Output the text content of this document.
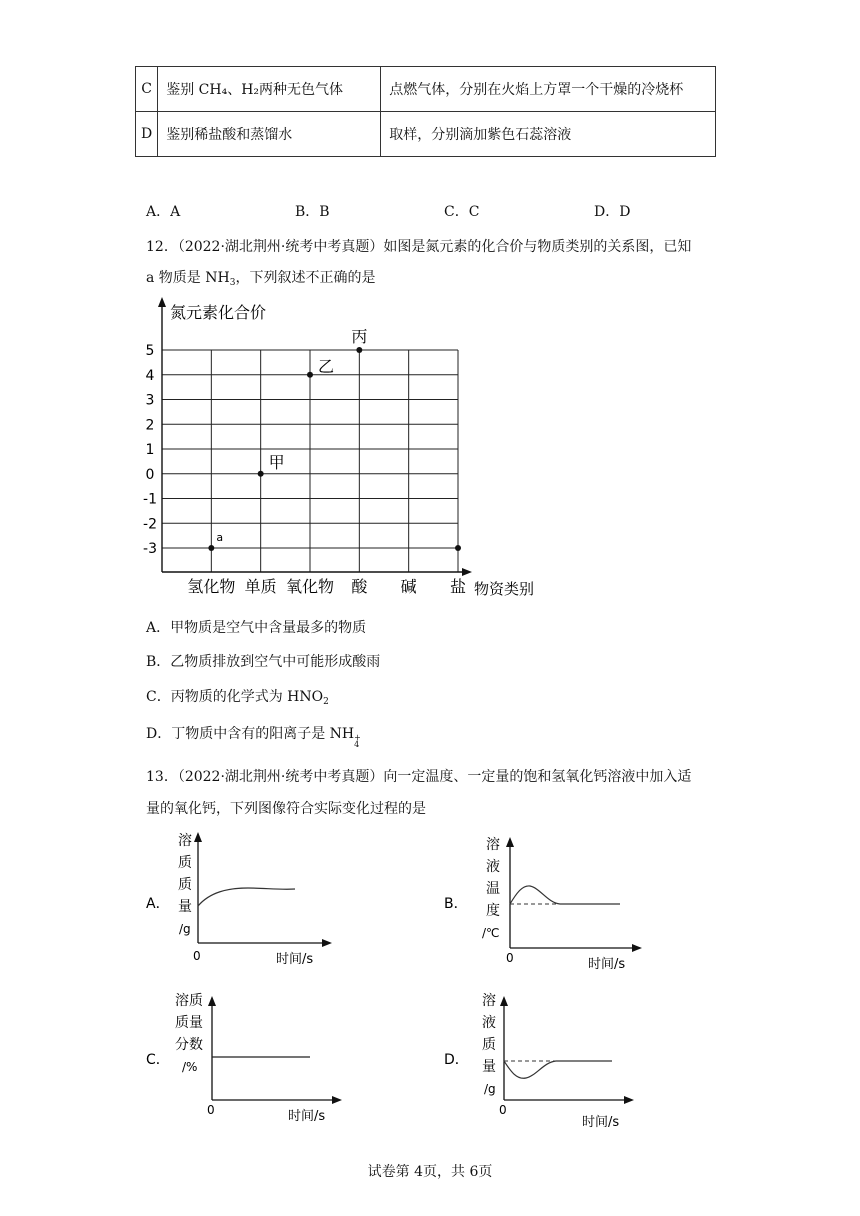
C	鉴别 CH₄、H₂两种无色气体	点燃气体，分别在火焰上方罩一个干燥的冷烧杯
D	鉴别稀盐酸和蒸馏水	取样，分别滴加紫色石蕊溶液
A．A	B．B	C．C	D．D
12．（2022·湖北荆州·统考中考真题）如图是氮元素的化合价与物质类别的关系图，已知
a 物质是 $NH_3$，下列叙述不正确的是
氮元素化合价
物资类别
5
4
3
2
1
0
-1
-2
-3
氢化物 单质 氧化物 酸 碱 盐
a
甲
乙
丙
A．甲物质是空气中含量最多的物质
B．乙物质排放到空气中可能形成酸雨
C．丙物质的化学式为 $HNO_2$
D．丁物质中含有的阳离子是 NH +
4
13．（2022·湖北荆州·统考中考真题）向一定温度、一定量的饱和氢氧化钙溶液中加入适
量的氧化钙，下列图像符合实际变化过程的是
A．
溶
质
质
量
/g
0	时间/s
B．
溶
液
温
度
/℃
0	时间/s
C．
溶质
质量
分数
/%
0	时间/s
D．
溶
液
质
量
/g
0
时间/s
试卷第 4页，共 6页
